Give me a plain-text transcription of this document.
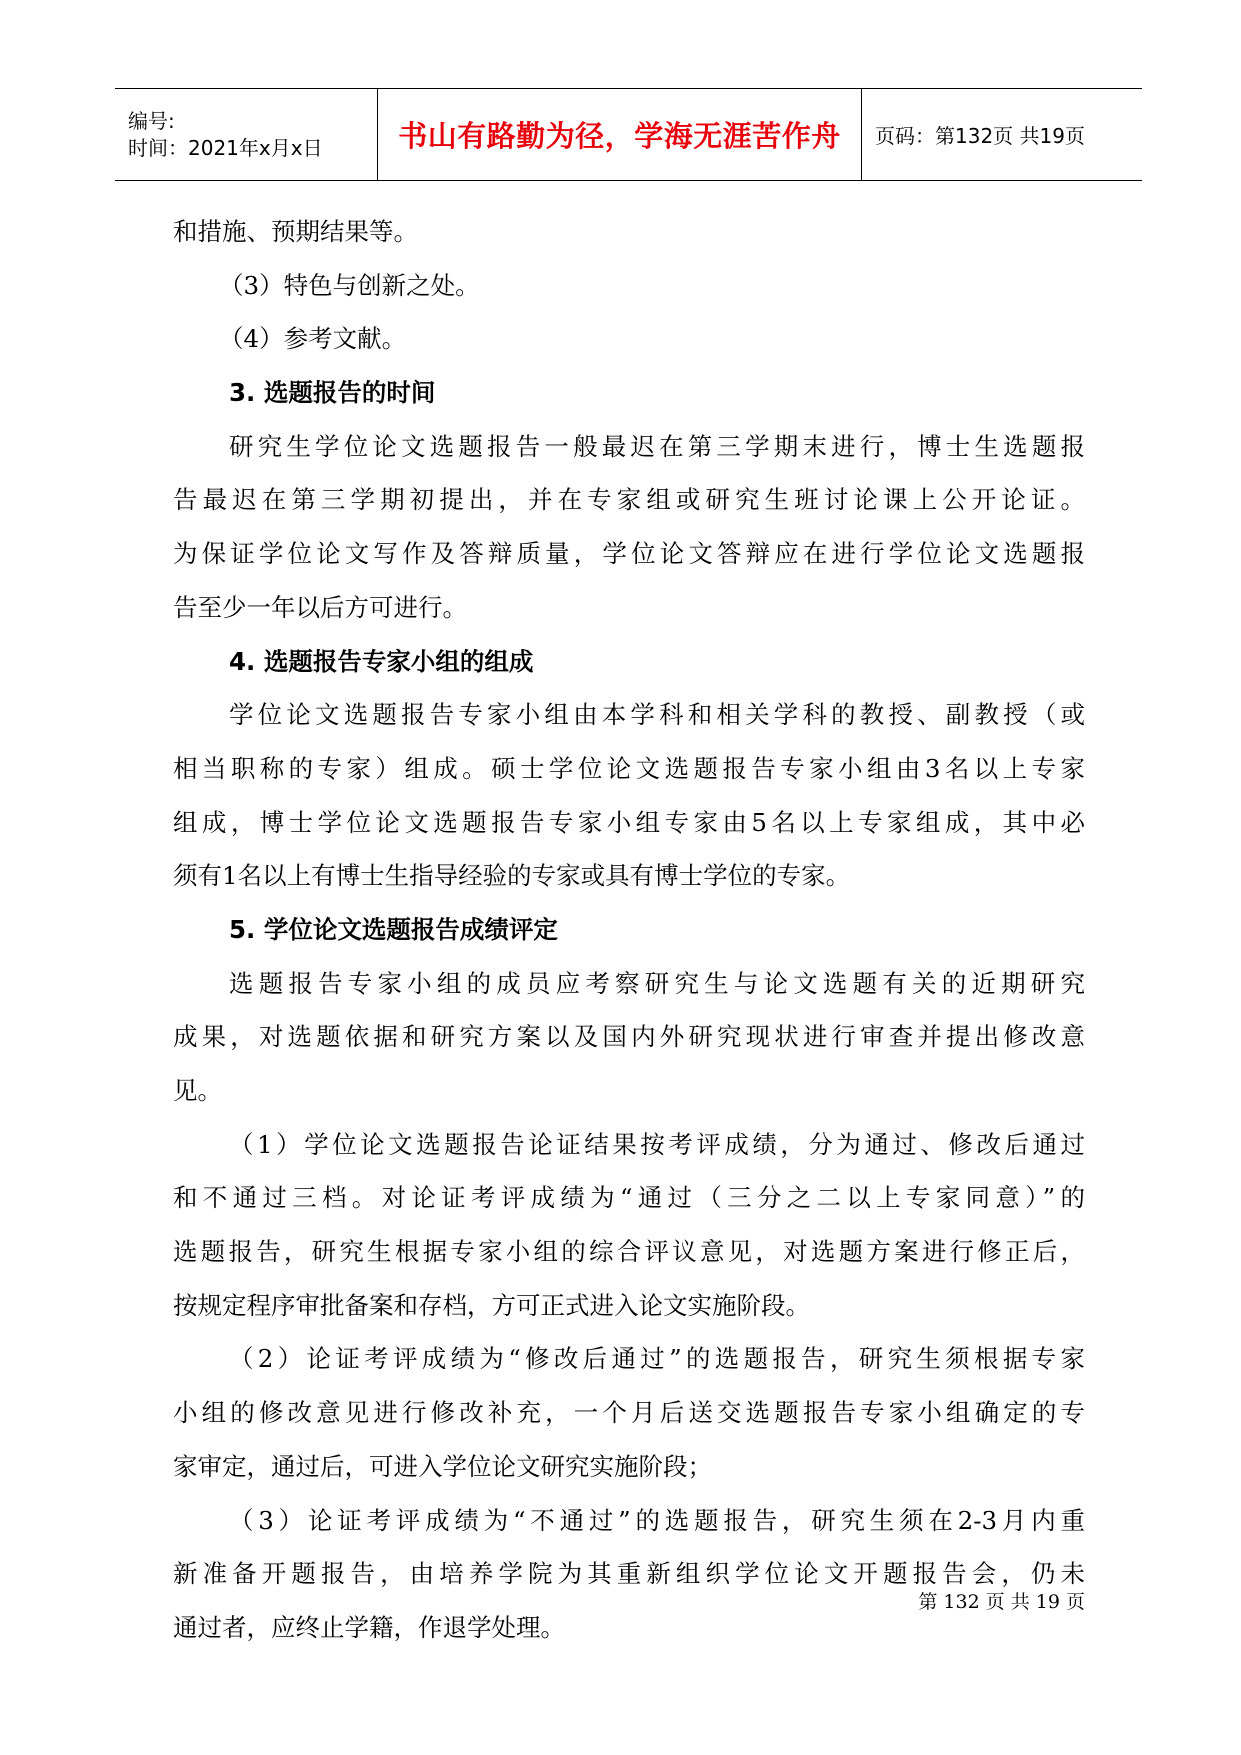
编号:
时间：2021年x月x日	书山有路勤为径，学海无涯苦作舟 页码：第132页 共19页
和措施、预期结果等。
（3）特色与创新之处。
（4）参考文献。
3. 选题报告的时间
研究生学位论文选题报告一般最迟在第三学期末进行，博士生选题报
告最迟在第三学期初提出，并在专家组或研究生班讨论课上公开论证。
为保证学位论文写作及答辩质量，学位论文答辩应在进行学位论文选题报
告至少一年以后方可进行。
4. 选题报告专家小组的组成
学位论文选题报告专家小组由本学科和相关学科的教授、副教授（或
相当职称的专家）组成。硕士学位论文选题报告专家小组由3名以上专家
组成，博士学位论文选题报告专家小组专家由5名以上专家组成，其中必
须有1名以上有博士生指导经验的专家或具有博士学位的专家。
5. 学位论文选题报告成绩评定
选题报告专家小组的成员应考察研究生与论文选题有关的近期研究
成果，对选题依据和研究方案以及国内外研究现状进行审查并提出修改意
见。
（1）学位论文选题报告论证结果按考评成绩，分为通过、修改后通过
和不通过三档。对论证考评成绩为“通过（三分之二以上专家同意）”的
选题报告，研究生根据专家小组的综合评议意见，对选题方案进行修正后，
按规定程序审批备案和存档，方可正式进入论文实施阶段。
（2）论证考评成绩为“修改后通过”的选题报告，研究生须根据专家
小组的修改意见进行修改补充，一个月后送交选题报告专家小组确定的专
家审定，通过后，可进入学位论文研究实施阶段；
（3）论证考评成绩为“不通过”的选题报告，研究生须在2-3月内重
新准备开题报告，由培养学院为其重新组织学位论文开题报告会，仍未
通过者，应终止学籍，作退学处理。
第 132 页 共 19 页
